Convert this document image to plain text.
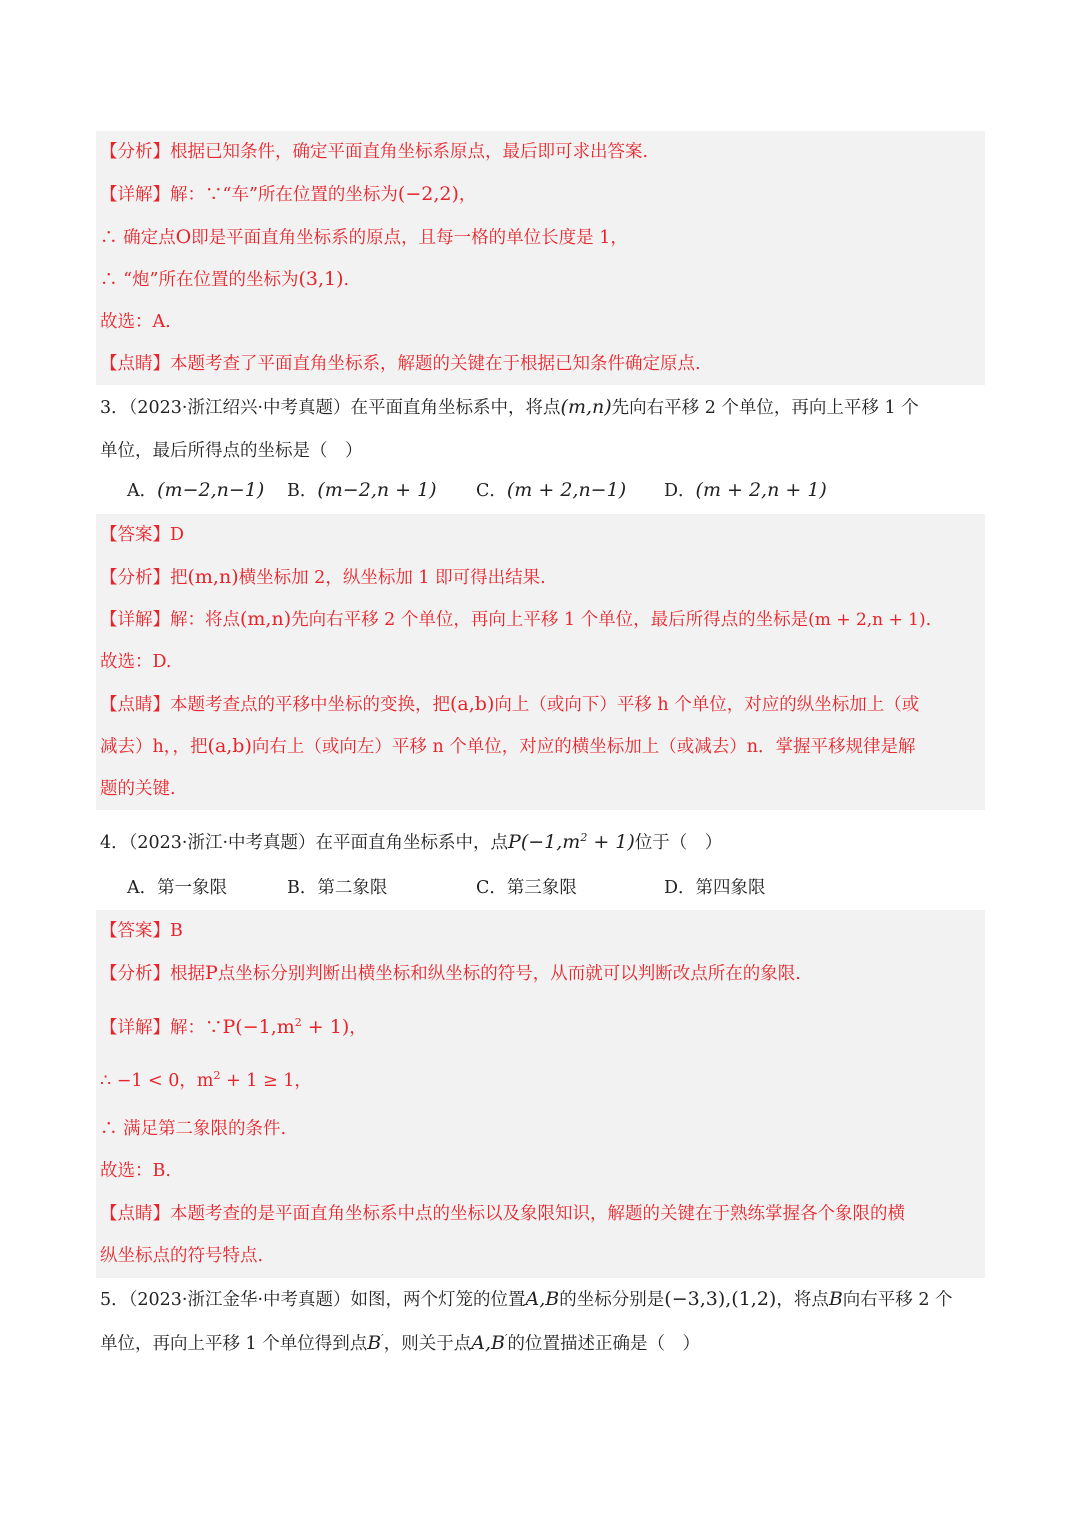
【分析】根据已知条件，确定平面直角坐标系原点，最后即可求出答案.
【详解】解：∵“车”所在位置的坐标为(−2,2)，
∴ 确定点O即是平面直角坐标系的原点，且每一格的单位长度是 1，
∴ “炮”所在位置的坐标为(3,1).
故选：A.
【点睛】本题考查了平面直角坐标系，解题的关键在于根据已知条件确定原点.
3．（2023·浙江绍兴·中考真题）在平面直角坐标系中，将点(m,n)先向右平移 2 个单位，再向上平移 1 个
单位，最后所得点的坐标是（　）
A．(m−2,n−1) B．(m−2,n + 1) C．(m + 2,n−1) D．(m + 2,n + 1)
【答案】D
【分析】把(m,n)横坐标加 2，纵坐标加 1 即可得出结果.
【详解】解：将点(m,n)先向右平移 2 个单位，再向上平移 1 个单位，最后所得点的坐标是(m + 2,n + 1).
故选：D.
【点睛】本题考查点的平移中坐标的变换，把(a,b)向上（或向下）平移 h 个单位，对应的纵坐标加上（或
减去）h，，把(a,b)向右上（或向左）平移 n 个单位，对应的横坐标加上（或减去）n．掌握平移规律是解
题的关键.
4．（2023·浙江·中考真题）在平面直角坐标系中，点$P(-1,m^2 + 1)$位于（　）
A．第一象限	B．第二象限	C．第三象限	D．第四象限
【答案】B
【分析】根据P点坐标分别判断出横坐标和纵坐标的符号，从而就可以判断改点所在的象限.
【详解】解：$\because P(-1,m^2 + 1)$，
∴ −1 < 0，$m^2 + 1 \ge 1$，
∴ 满足第二象限的条件.
故选：B.
【点睛】本题考查的是平面直角坐标系中点的坐标以及象限知识，解题的关键在于熟练掌握各个象限的横
纵坐标点的符号特点.
5．（2023·浙江金华·中考真题）如图，两个灯笼的位置A,B的坐标分别是(−3,3),(1,2)，将点B向右平移 2 个
单位，再向上平移 1 个单位得到点B′，则关于点A,B′的位置描述正确是（　）
